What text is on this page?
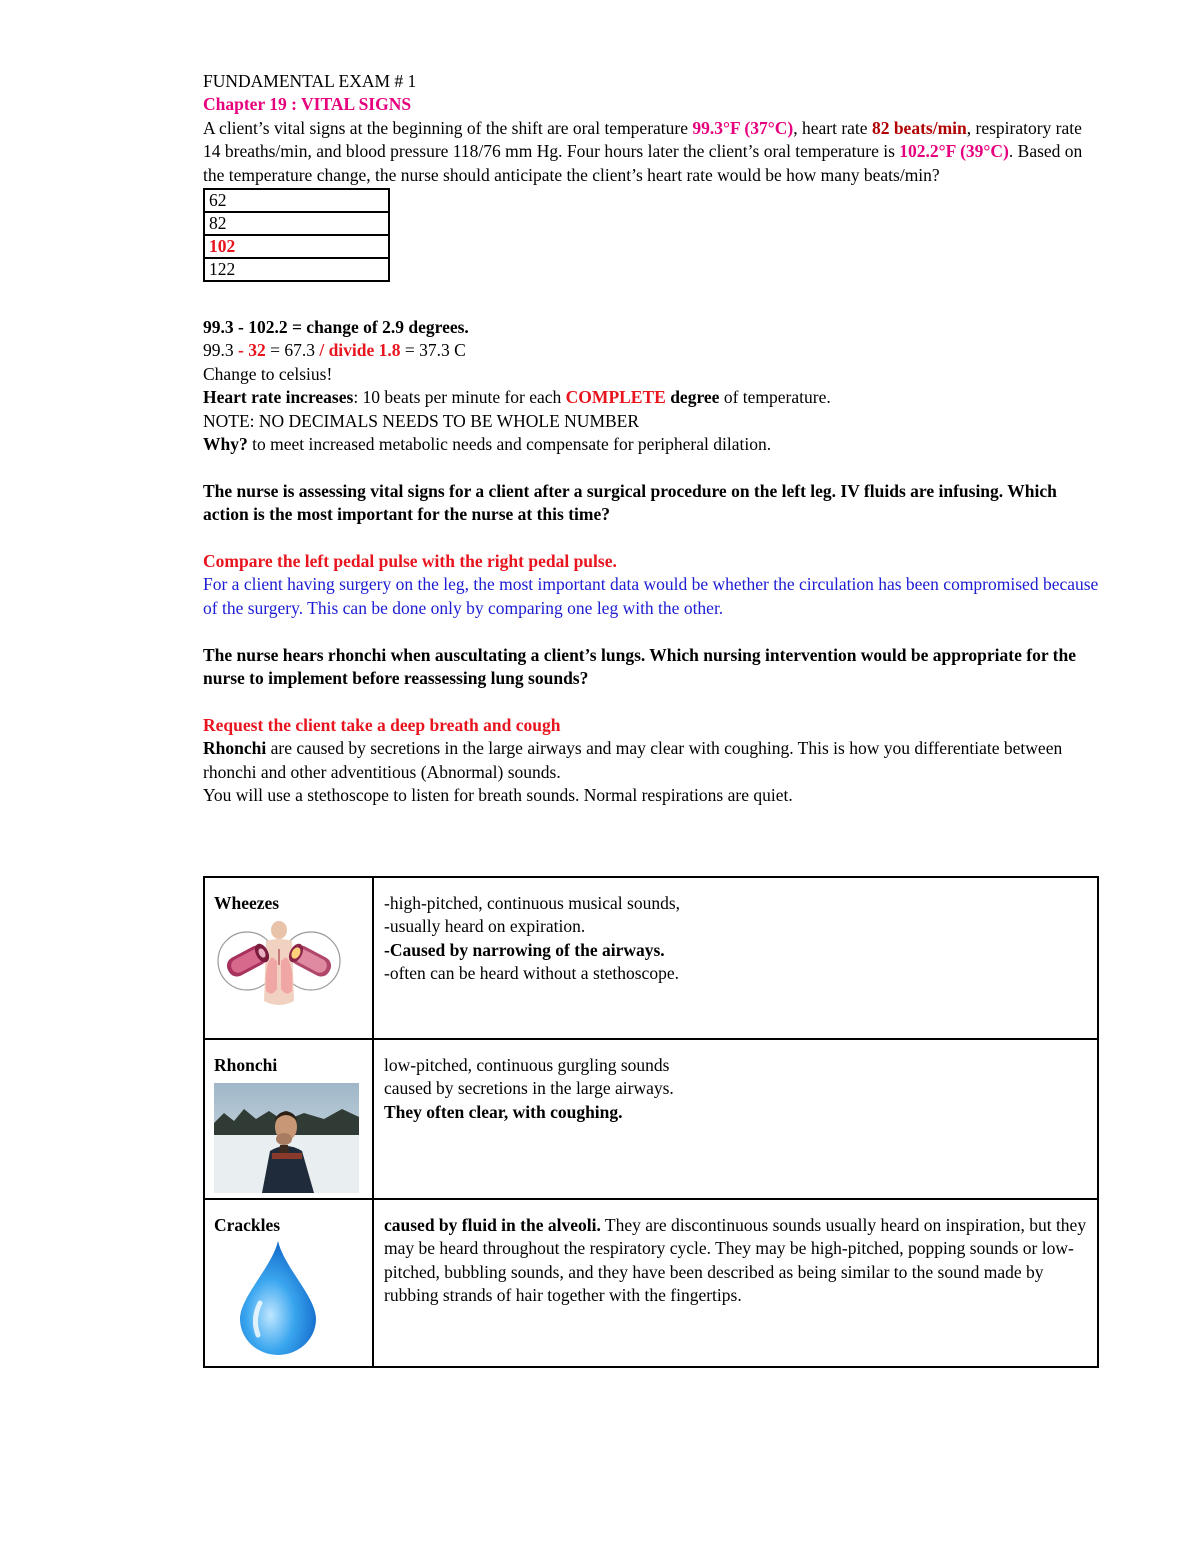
FUNDAMENTAL EXAM # 1

Chapter 19 : VITAL SIGNS

A client’s vital signs at the beginning of the shift are oral temperature 99.3°F (37°C), heart rate 82 beats/min, respiratory rate 14 breaths/min, and blood pressure 118/76 mm Hg. Four hours later the client’s oral temperature is 102.2°F (39°C). Based on the temperature change, the nurse should anticipate the client’s heart rate would be how many beats/min?

62
82
102
122

99.3 - 102.2 = change of 2.9 degrees.

99.3 - 32 = 67.3 / divide 1.8 = 37.3 C

Change to celsius!

Heart rate increases: 10 beats per minute for each COMPLETE degree of temperature.

NOTE: NO DECIMALS NEEDS TO BE WHOLE NUMBER

Why? to meet increased metabolic needs and compensate for peripheral dilation.

The nurse is assessing vital signs for a client after a surgical procedure on the left leg. IV fluids are infusing. Which action is the most important for the nurse at this time?

Compare the left pedal pulse with the right pedal pulse.

For a client having surgery on the leg, the most important data would be whether the circulation has been compromised because of the surgery. This can be done only by comparing one leg with the other.

The nurse hears rhonchi when auscultating a client’s lungs. Which nursing intervention would be appropriate for the nurse to implement before reassessing lung sounds?

Request the client take a deep breath and cough

Rhonchi are caused by secretions in the large airways and may clear with coughing. This is how you differentiate between rhonchi and other adventitious (Abnormal) sounds.

You will use a stethoscope to listen for breath sounds. Normal respirations are quiet.

Wheezes	-high-pitched, continuous musical sounds,
-usually heard on expiration.
-Caused by narrowing of the airways.
-often can be heard without a stethoscope.

Rhonchi	low-pitched, continuous gurgling sounds
caused by secretions in the large airways.
They often clear, with coughing.

Crackles	caused by fluid in the alveoli. They are discontinuous sounds usually heard on inspiration, but they may be heard throughout the respiratory cycle. They may be high-pitched, popping sounds or low-pitched, bubbling sounds, and they have been described as being similar to the sound made by rubbing strands of hair together with the fingertips.
